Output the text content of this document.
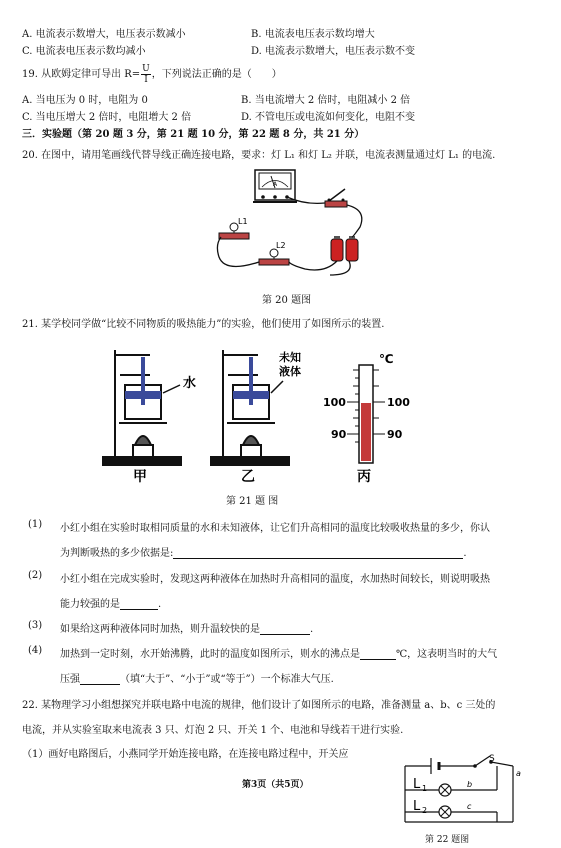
A. 电流表示数增大，电压表示数减小	B. 电流表电压表示数均增大
C. 电流表电压表示数均减小	D. 电流表示数增大，电压表示数不变
19. 从欧姆定律可导出 $R= \frac{U}{I}$ ，下列说法正确的是（　　）
A. 当电压为 0 时，电阻为 0	B. 当电流增大 2 倍时，电阻减小 2 倍
C. 当电压增大 2 倍时，电阻增大 2 倍	D. 不管电压或电流如何变化，电阻不变
三．实验题（第 20 题 3 分，第 21 题 10 分，第 22 题 8 分，共 21 分）
20. 在图中，请用笔画线代替导线正确连接电路，要求：灯 L₁ 和灯 L₂ 并联，电流表测量通过灯 L₁ 的电流.
A
L1
L2
第 20 题图
21. 某学校同学做“比较不同物质的吸热能力”的实验，他们使用了如图所示的装置.
水
未知
液体
℃
100	100
90	90
甲	乙	丙
第 21 题 图
(1) 小红小组在实验时取相同质量的水和未知液体，让它们升高相同的温度比较吸收热量的多少，你认
为判断吸热的多少依据是:	.
(2) 小红小组在完成实验时，发现这两种液体在加热时升高相同的温度，水加热时间较长，则说明吸热
能力较强的是	.
(3) 如果给这两种液体同时加热，则升温较快的是	.
(4) 加热到一定时刻，水开始沸腾，此时的温度如图所示，则水的沸点是	℃，这表明当时的大气
压强	（填“大于”、“小于”或“等于”）一个标准大气压.
22. 某物理学习小组想探究并联电路中电流的规律，他们设计了如图所示的电路，准备测量 a、b、c 三处的
电流，并从实验室取来电流表 3 只、灯泡 2 只、开关 1 个、电池和导线若干进行实验.
（1）画好电路图后，小燕同学开始连接电路，在连接电路过程中，开关应	S
L 1
L 2
a
b
c
第 22 题图
第3页（共5页）
